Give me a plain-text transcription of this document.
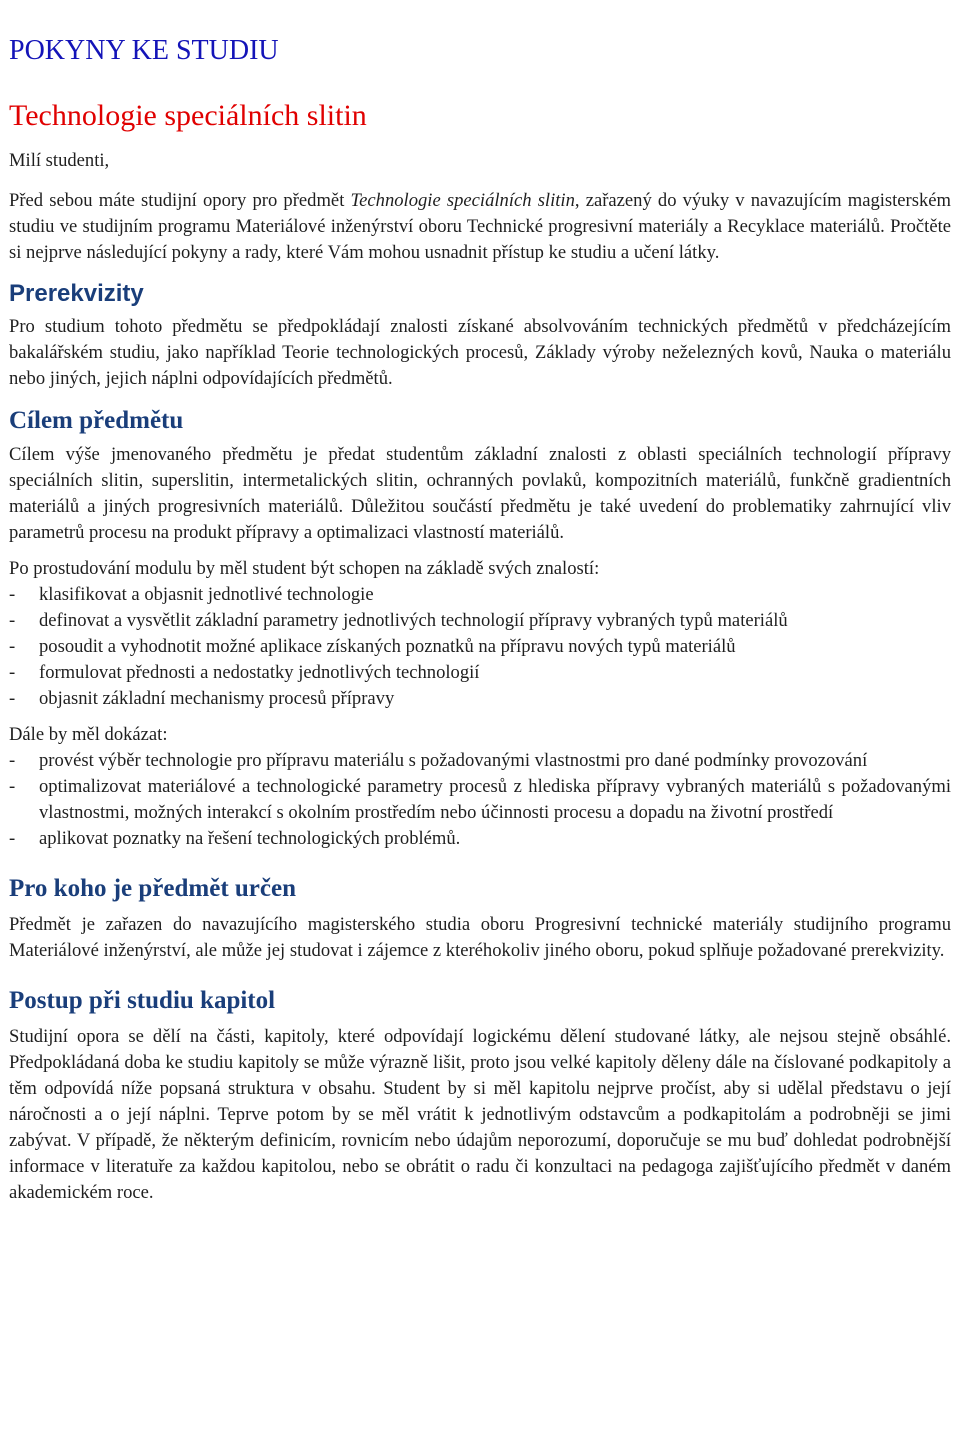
POKYNY KE STUDIU
Technologie speciálních slitin

Milí studenti,

Před sebou máte studijní opory pro předmět Technologie speciálních slitin, zařazený do výuky v navazujícím magisterském studiu ve studijním programu Materiálové inženýrství oboru Technické progresivní materiály a Recyklace materiálů. Pročtěte si nejprve následující pokyny a rady, které Vám mohou usnadnit přístup ke studiu a učení látky.

Prerekvizity

Pro studium tohoto předmětu se předpokládají znalosti získané absolvováním technických předmětů v předcházejícím bakalářském studiu, jako například Teorie technologických procesů, Základy výroby neželezných kovů, Nauka o materiálu nebo jiných, jejich náplni odpovídajících předmětů.

Cílem předmětu

Cílem výše jmenovaného předmětu je předat studentům základní znalosti z oblasti speciálních technologií přípravy speciálních slitin, superslitin, intermetalických slitin, ochranných povlaků, kompozitních materiálů, funkčně gradientních materiálů a jiných progresivních materiálů. Důležitou součástí předmětu je také uvedení do problematiky zahrnující vliv parametrů procesu na produkt přípravy a optimalizaci vlastností materiálů.

Po prostudování modulu by měl student být schopen na základě svých znalostí:

- klasifikovat a objasnit jednotlivé technologie
- definovat a vysvětlit základní parametry jednotlivých technologií přípravy vybraných typů materiálů
- posoudit a vyhodnotit možné aplikace získaných poznatků na přípravu nových typů materiálů
- formulovat přednosti a nedostatky jednotlivých technologií
- objasnit základní mechanismy procesů přípravy

Dále by měl dokázat:

- provést výběr technologie pro přípravu materiálu s požadovanými vlastnostmi pro dané podmínky provozování
- optimalizovat materiálové a technologické parametry procesů z hlediska přípravy vybraných materiálů s požadovanými vlastnostmi, možných interakcí s okolním prostředím nebo účinnosti procesu a dopadu na životní prostředí
- aplikovat poznatky na řešení technologických problémů.
Pro koho je předmět určen

Předmět je zařazen do navazujícího magisterského studia oboru Progresivní technické materiály studijního programu Materiálové inženýrství, ale může jej studovat i zájemce z kteréhokoliv jiného oboru, pokud splňuje požadované prerekvizity.

Postup při studiu kapitol

Studijní opora se dělí na části, kapitoly, které odpovídají logickému dělení studované látky, ale nejsou stejně obsáhlé. Předpokládaná doba ke studiu kapitoly se může výrazně lišit, proto jsou velké kapitoly děleny dále na číslované podkapitoly a těm odpovídá níže popsaná struktura v obsahu. Student by si měl kapitolu nejprve pročíst, aby si udělal představu o její náročnosti a o její náplni. Teprve potom by se měl vrátit k jednotlivým odstavcům a podkapitolám a podrobněji se jimi zabývat. V případě, že některým definicím, rovnicím nebo údajům neporozumí, doporučuje se mu buď dohledat podrobnější informace v literatuře za každou kapitolou, nebo se obrátit o radu či konzultaci na pedagoga zajišťujícího předmět v daném akademickém roce.
